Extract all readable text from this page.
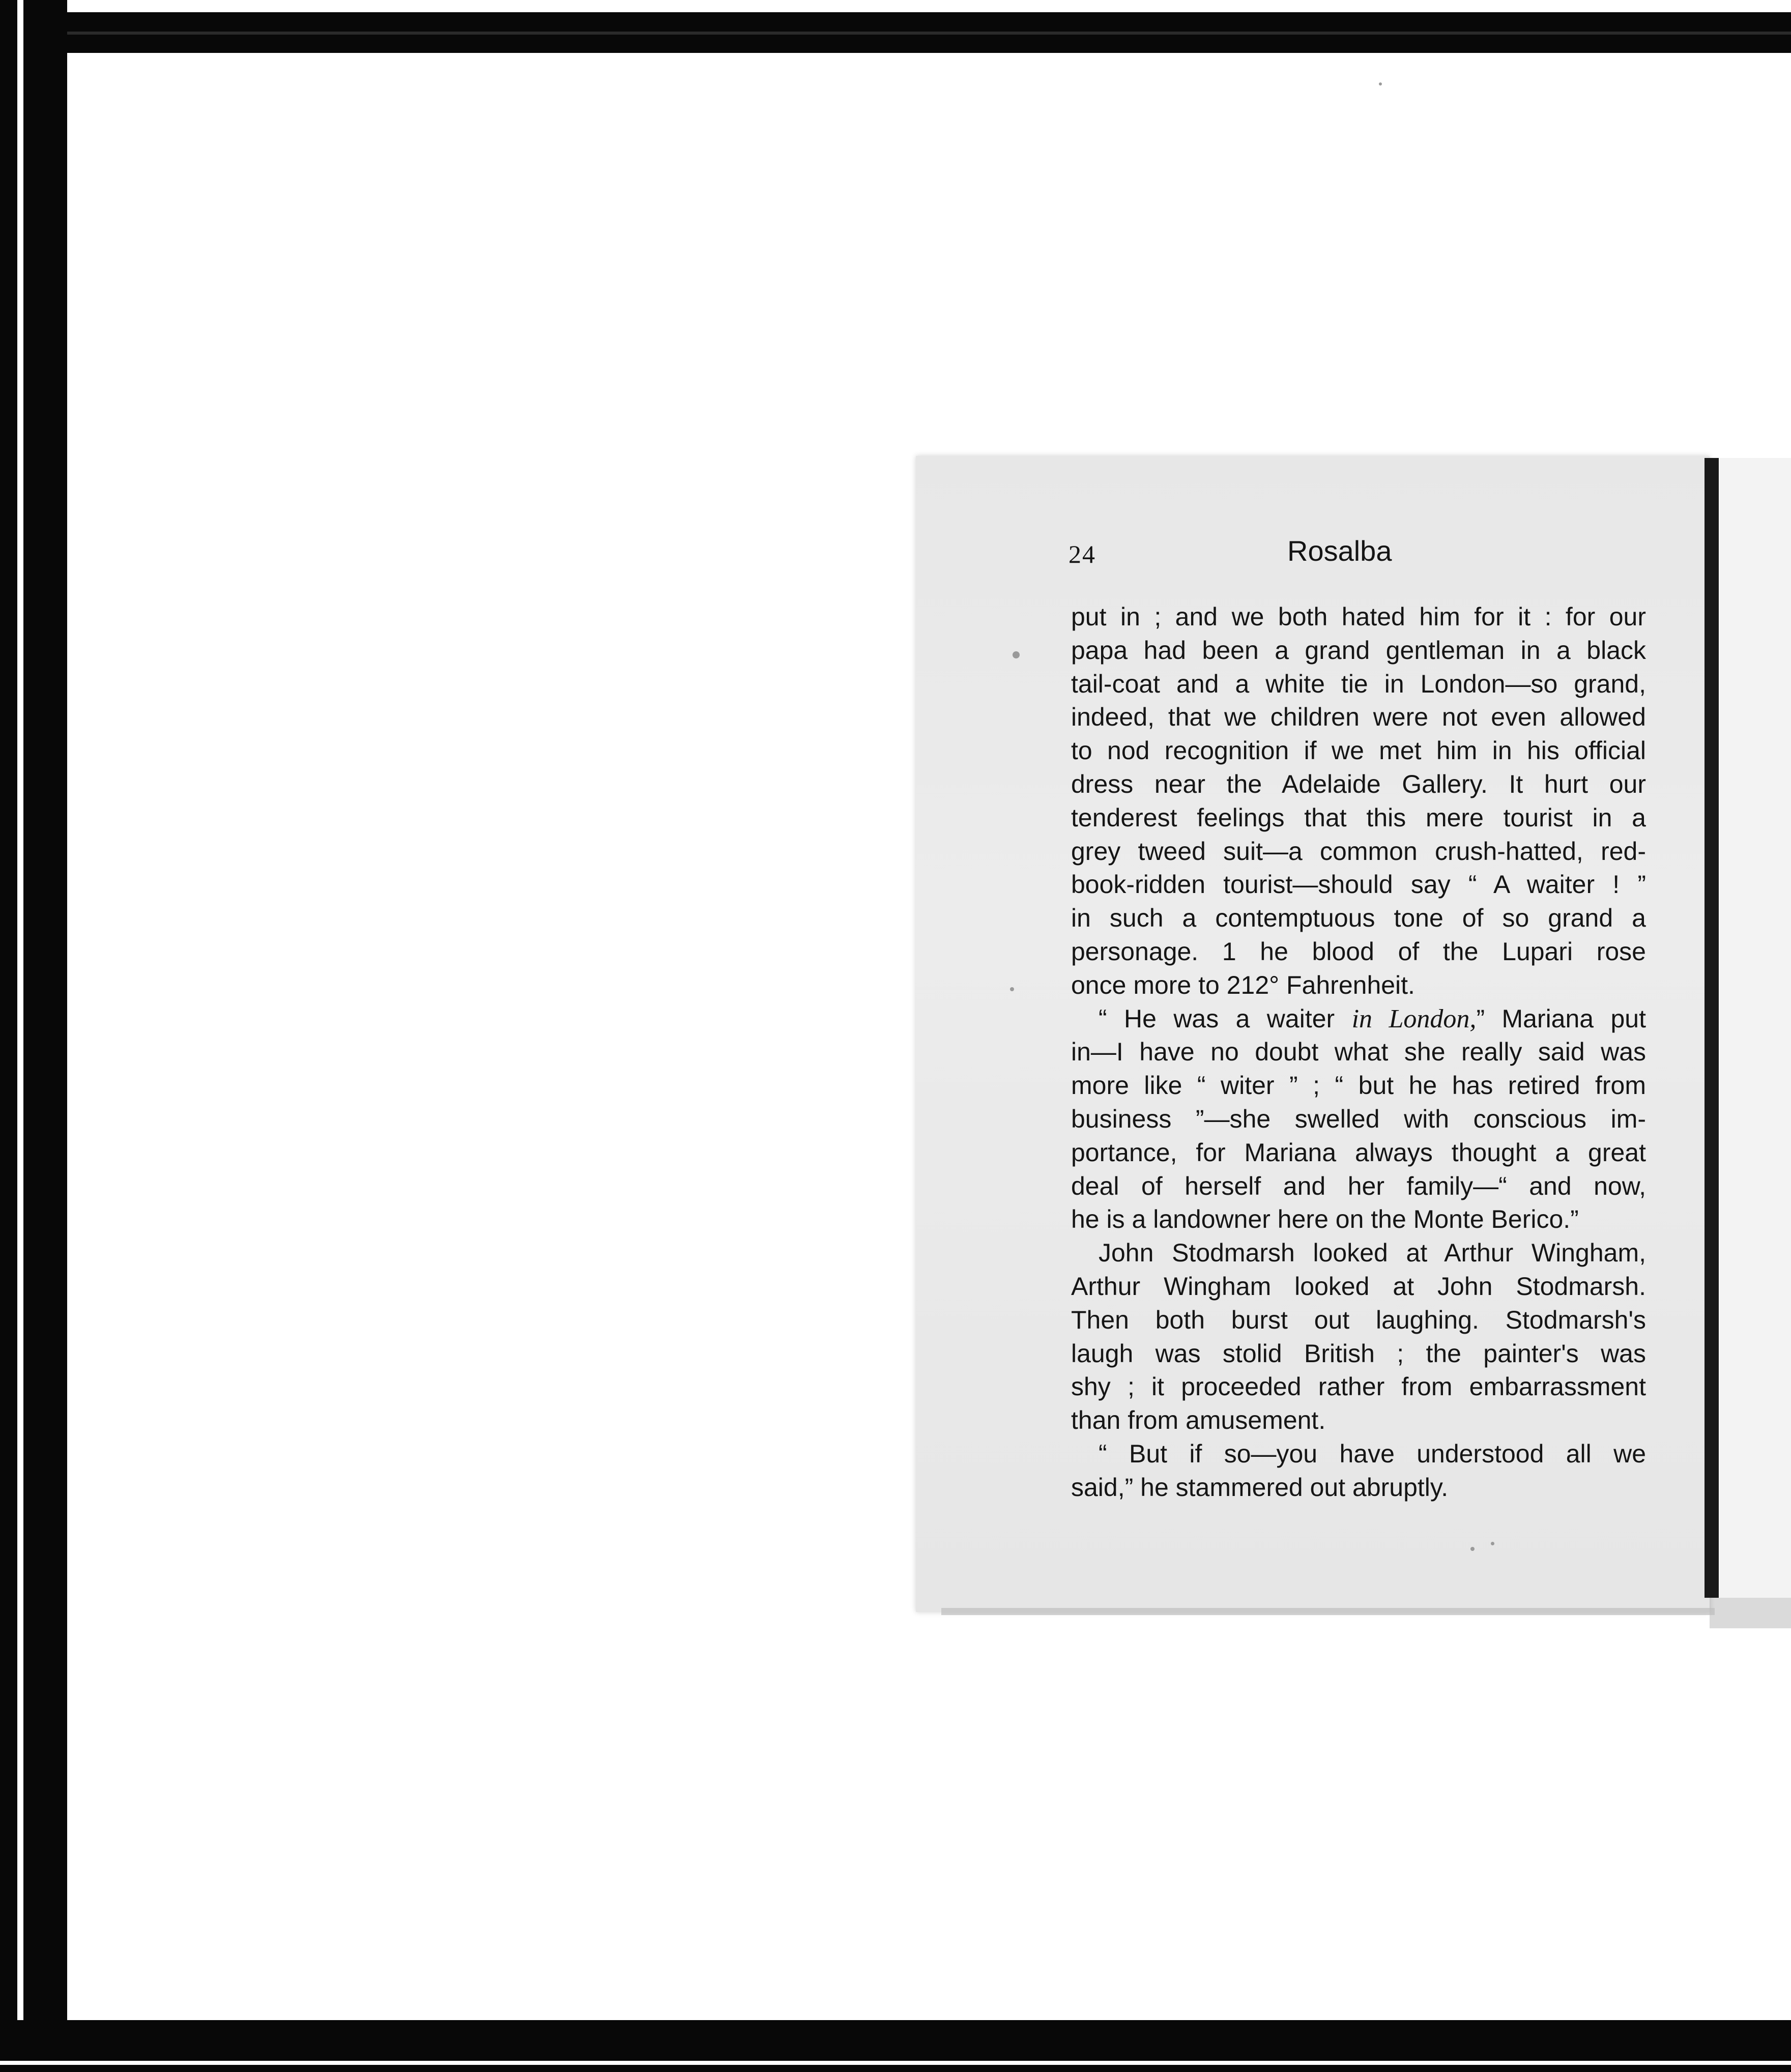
24	Rosalba
put in ; and we both hated him for it : for our
papa had been a grand gentleman in a black
tail-coat and a white tie in London—so grand,
indeed, that we children were not even allowed
to nod recognition if we met him in his official
dress near the Adelaide Gallery. It hurt our
tenderest feelings that this mere tourist in a
grey tweed suit—a common crush-hatted, red-
book-ridden tourist—should say “ A waiter ! ”
in such a contemptuous tone of so grand a
personage. 1 he blood of the Lupari rose
once more to 212° Fahrenheit.
“ He was a waiter in London,” Mariana put
in—I have no doubt what she really said was
more like “ witer ” ; “ but he has retired from
business ”—she swelled with conscious im-
portance, for Mariana always thought a great
deal of herself and her family—“ and now,
he is a landowner here on the Monte Berico.”
John Stodmarsh looked at Arthur Wingham,
Arthur Wingham looked at John Stodmarsh.
Then both burst out laughing. Stodmarsh's
laugh was stolid British ; the painter's was
shy ; it proceeded rather from embarrassment
than from amusement.
“ But if so—you have understood all we
said,” he stammered out abruptly.
